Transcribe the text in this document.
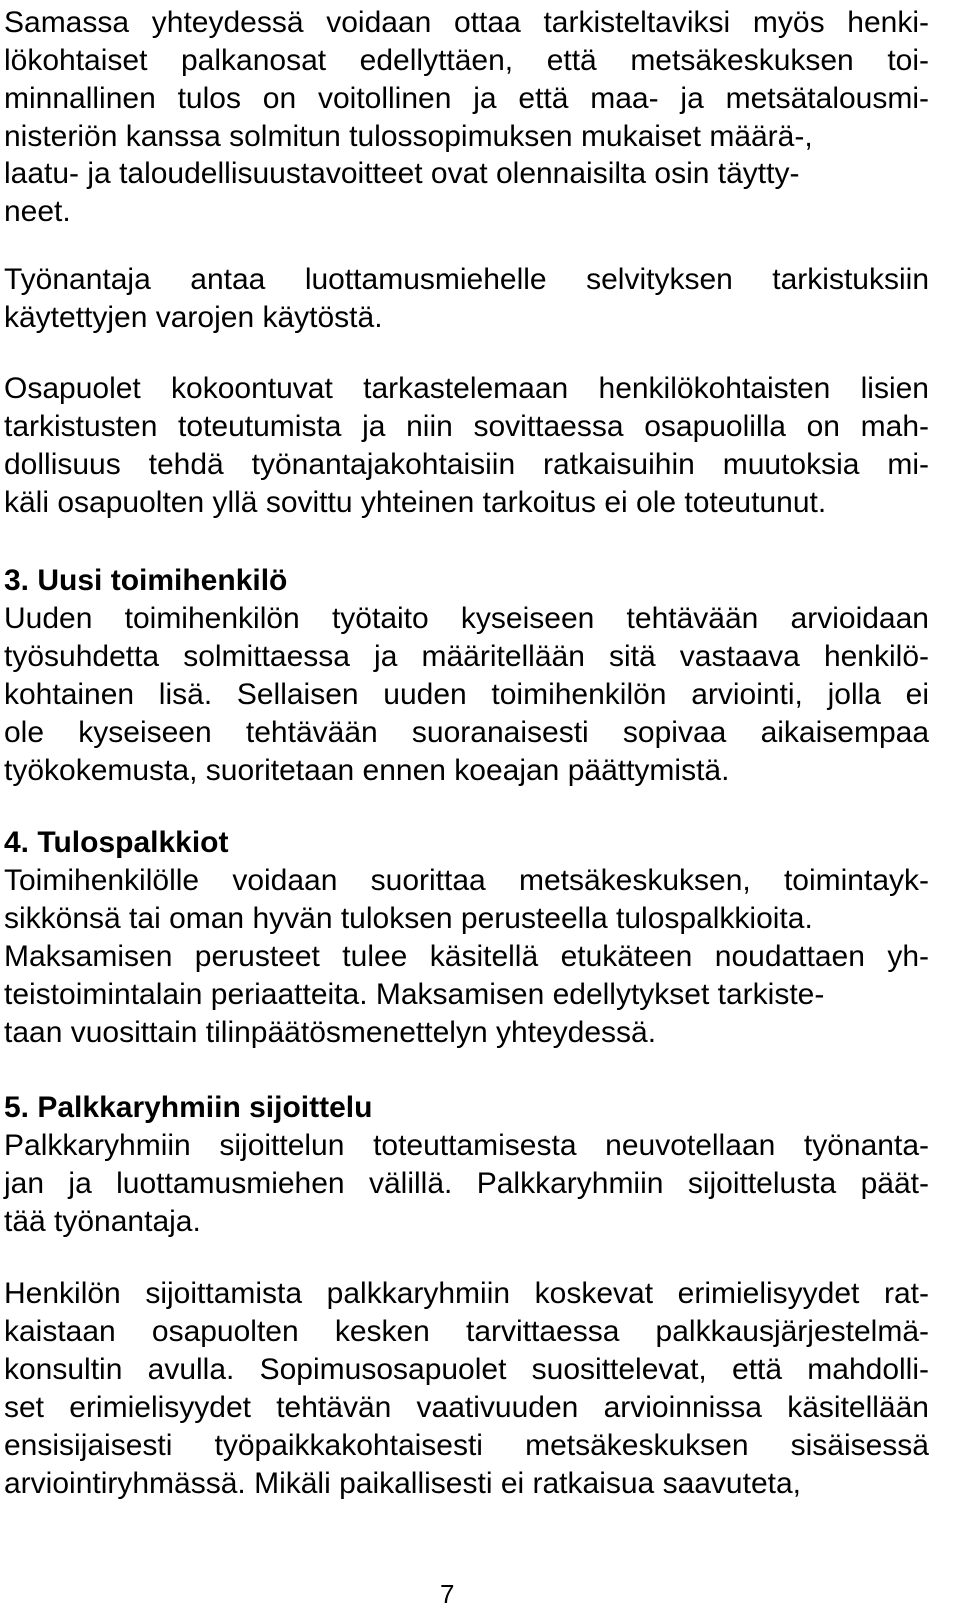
Samassa yhteydessä voidaan ottaa tarkisteltaviksi myös henki-

lökohtaiset palkanosat edellyttäen, että metsäkeskuksen toi-

minnallinen tulos on voitollinen ja että maa- ja metsätalousmi-

nisteriön kanssa solmitun tulossopimuksen mukaiset määrä-,

laatu- ja taloudellisuustavoitteet ovat olennaisilta osin täytty-

neet.

Työnantaja antaa luottamusmiehelle selvityksen tarkistuksiin

käytettyjen varojen käytöstä.

Osapuolet kokoontuvat tarkastelemaan henkilökohtaisten lisien

tarkistusten toteutumista ja niin sovittaessa osapuolilla on mah-

dollisuus tehdä työnantajakohtaisiin ratkaisuihin muutoksia mi-

käli osapuolten yllä sovittu yhteinen tarkoitus ei ole toteutunut.

3. Uusi toimihenkilö

Uuden toimihenkilön työtaito kyseiseen tehtävään arvioidaan

työsuhdetta solmittaessa ja määritellään sitä vastaava henkilö-

kohtainen lisä. Sellaisen uuden toimihenkilön arviointi, jolla ei

ole kyseiseen tehtävään suoranaisesti sopivaa aikaisempaa

työkokemusta, suoritetaan ennen koeajan päättymistä.

4. Tulospalkkiot

Toimihenkilölle voidaan suorittaa metsäkeskuksen, toimintayk-

sikkönsä tai oman hyvän tuloksen perusteella tulospalkkioita.

Maksamisen perusteet tulee käsitellä etukäteen noudattaen yh-

teistoimintalain periaatteita. Maksamisen edellytykset tarkiste-

taan vuosittain tilinpäätösmenettelyn yhteydessä.

5. Palkkaryhmiin sijoittelu

Palkkaryhmiin sijoittelun toteuttamisesta neuvotellaan työnanta-

jan ja luottamusmiehen välillä. Palkkaryhmiin sijoittelusta päät-

tää työnantaja.

Henkilön sijoittamista palkkaryhmiin koskevat erimielisyydet rat-

kaistaan osapuolten kesken tarvittaessa palkkausjärjestelmä-

konsultin avulla. Sopimusosapuolet suosittelevat, että mahdolli-

set erimielisyydet tehtävän vaativuuden arvioinnissa käsitellään

ensisijaisesti työpaikkakohtaisesti metsäkeskuksen sisäisessä

arviointiryhmässä. Mikäli paikallisesti ei ratkaisua saavuteta,

7
